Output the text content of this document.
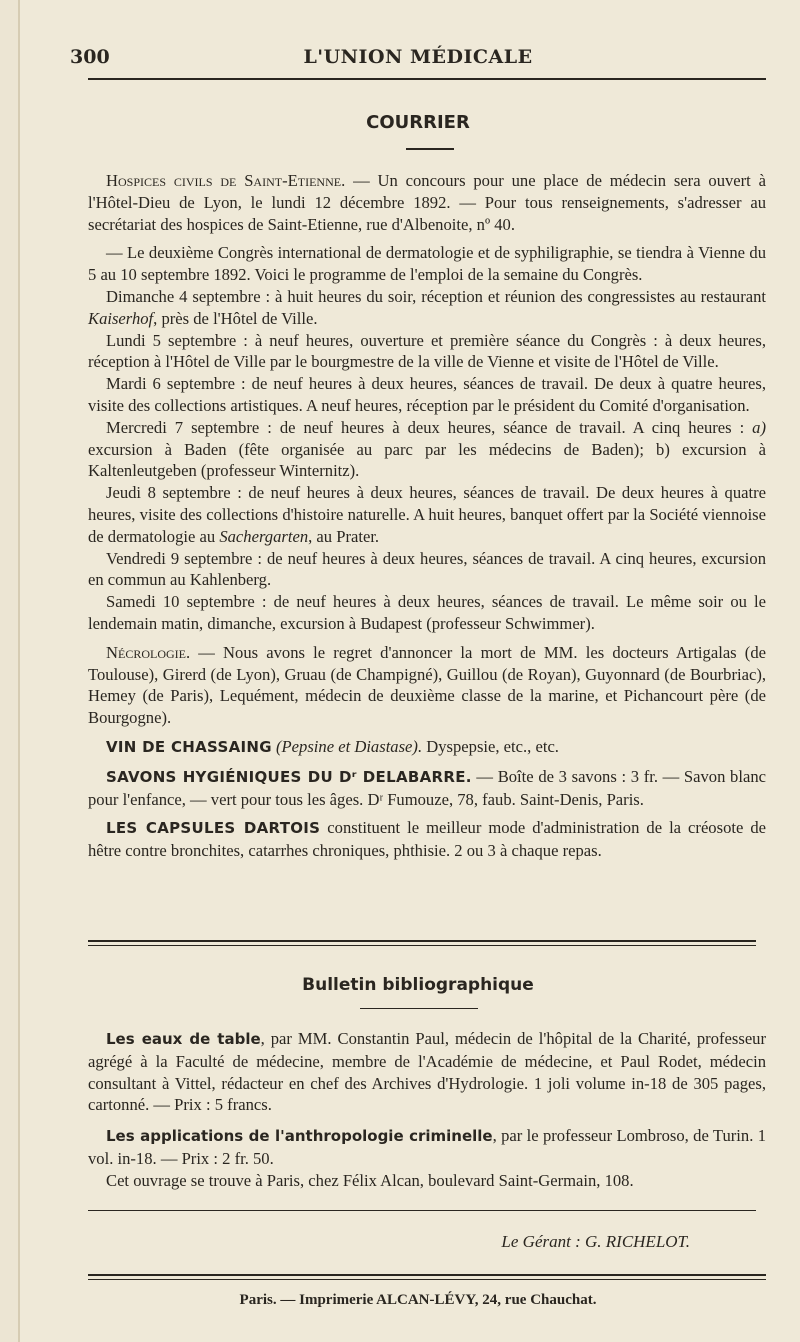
300	L'UNION MÉDICALE
COURRIER

Hospices civils de Saint-Etienne. — Un concours pour une place de médecin sera ouvert à l'Hôtel-Dieu de Lyon, le lundi 12 décembre 1892. — Pour tous renseignements, s'adresser au secrétariat des hospices de Saint-Etienne, rue d'Albenoite, nº 40.

— Le deuxième Congrès international de dermatologie et de syphiligraphie, se tiendra à Vienne du 5 au 10 septembre 1892. Voici le programme de l'emploi de la semaine du Congrès.

Dimanche 4 septembre : à huit heures du soir, réception et réunion des congressistes au restaurant Kaiserhof, près de l'Hôtel de Ville.

Lundi 5 septembre : à neuf heures, ouverture et première séance du Congrès : à deux heures, réception à l'Hôtel de Ville par le bourgmestre de la ville de Vienne et visite de l'Hôtel de Ville.

Mardi 6 septembre : de neuf heures à deux heures, séances de travail. De deux à quatre heures, visite des collections artistiques. A neuf heures, réception par le président du Comité d'organisation.

Mercredi 7 septembre : de neuf heures à deux heures, séance de travail. A cinq heures : a) excursion à Baden (fête organisée au parc par les médecins de Baden); b) excursion à Kaltenleutgeben (professeur Winternitz).

Jeudi 8 septembre : de neuf heures à deux heures, séances de travail. De deux heures à quatre heures, visite des collections d'histoire naturelle. A huit heures, banquet offert par la Société viennoise de dermatologie au Sachergarten, au Prater.

Vendredi 9 septembre : de neuf heures à deux heures, séances de travail. A cinq heures, excursion en commun au Kahlenberg.

Samedi 10 septembre : de neuf heures à deux heures, séances de travail. Le même soir ou le lendemain matin, dimanche, excursion à Budapest (professeur Schwimmer).

Nécrologie. — Nous avons le regret d'annoncer la mort de MM. les docteurs Artigalas (de Toulouse), Girerd (de Lyon), Gruau (de Champigné), Guillou (de Royan), Guyonnard (de Bourbriac), Hemey (de Paris), Lequément, médecin de deuxième classe de la marine, et Pichancourt père (de Bourgogne).

VIN DE CHASSAING (Pepsine et Diastase). Dyspepsie, etc., etc.

SAVONS HYGIÉNIQUES DU Dʳ DELABARRE. — Boîte de 3 savons : 3 fr. — Savon blanc pour l'enfance, — vert pour tous les âges. Dʳ Fumouze, 78, faub. Saint-Denis, Paris.

LES CAPSULES DARTOIS constituent le meilleur mode d'administration de la créosote de hêtre contre bronchites, catarrhes chroniques, phthisie. 2 ou 3 à chaque repas.

Bulletin bibliographique

Les eaux de table, par MM. Constantin Paul, médecin de l'hôpital de la Charité, professeur agrégé à la Faculté de médecine, membre de l'Académie de médecine, et Paul Rodet, médecin consultant à Vittel, rédacteur en chef des Archives d'Hydrologie. 1 joli volume in-18 de 305 pages, cartonné. — Prix : 5 francs.

Les applications de l'anthropologie criminelle, par le professeur Lombroso, de Turin. 1 vol. in-18. — Prix : 2 fr. 50.

Cet ouvrage se trouve à Paris, chez Félix Alcan, boulevard Saint-Germain, 108.

Le Gérant : G. RICHELOT.
Paris. — Imprimerie ALCAN-LÉVY, 24, rue Chauchat.
